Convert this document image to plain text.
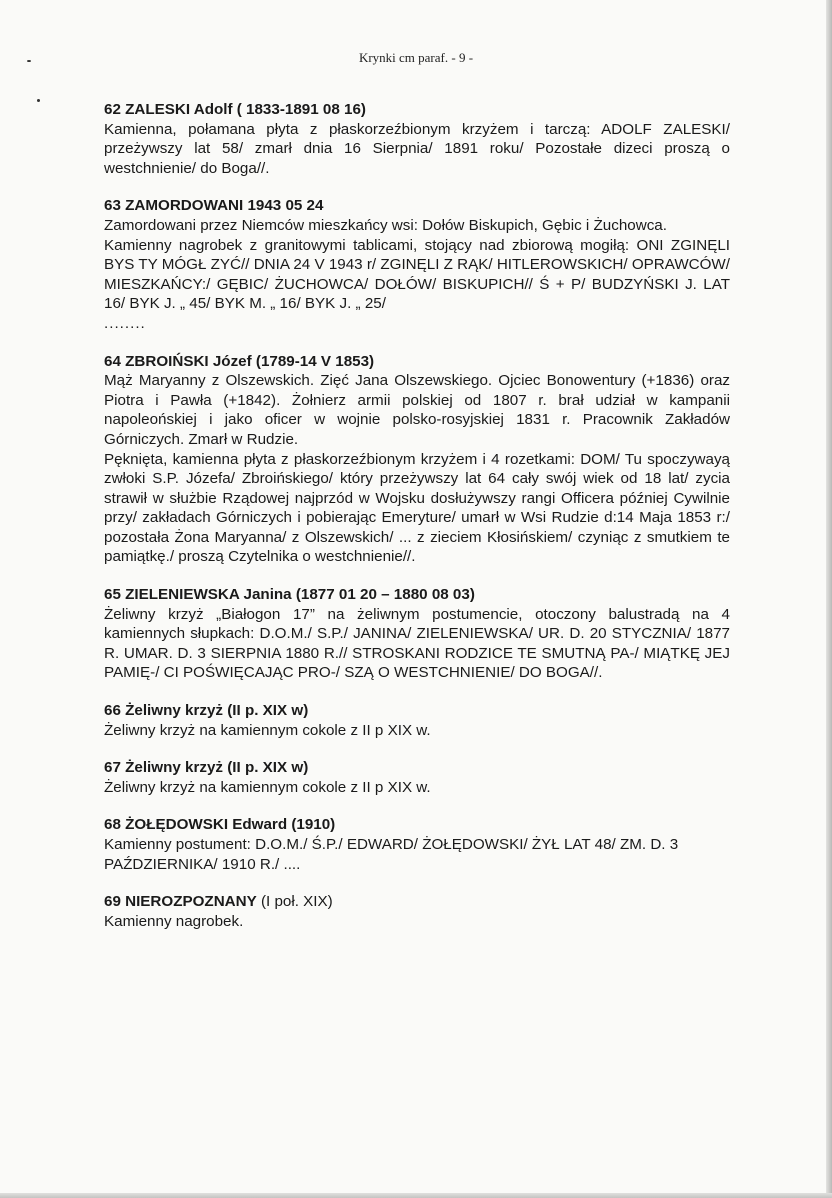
Krynki cm paraf. - 9 -

62 ZALESKI Adolf ( 1833-1891 08 16)

Kamienna, połamana płyta z płaskorzeźbionym krzyżem i tarczą: ADOLF ZALESKI/ przeżywszy lat 58/ zmarł dnia 16 Sierpnia/ 1891 roku/ Pozostałe dizeci proszą o westchnienie/ do Boga//.

63 ZAMORDOWANI 1943 05 24

Zamordowani przez Niemców mieszkańcy wsi: Dołów Biskupich, Gębic i Żuchowca.

Kamienny nagrobek z granitowymi tablicami, stojący nad zbiorową mogiłą: ONI ZGINĘLI BYS TY MÓGŁ ZYĆ// DNIA 24 V 1943 r/ ZGINĘLI Z RĄK/ HITLEROWSKICH/ OPRAWCÓW/ MIESZKAŃCY:/ GĘBIC/ ŻUCHOWCA/ DOŁÓW/ BISKUPICH// Ś + P/ BUDZYŃSKI J. LAT 16/ BYK J. „ 45/ BYK M. „ 16/ BYK J. „ 25/

........

64 ZBROIŃSKI Józef (1789-14 V 1853)

Mąż Maryanny z Olszewskich. Zięć Jana Olszewskiego. Ojciec Bonowentury (+1836) oraz Piotra i Pawła (+1842). Żołnierz armii polskiej od 1807 r. brał udział w kampanii napoleońskiej i jako oficer w wojnie polsko-rosyjskiej 1831 r. Pracownik Zakładów Górniczych. Zmarł w Rudzie.

Pęknięta, kamienna płyta z płaskorzeźbionym krzyżem i 4 rozetkami: DOM/ Tu spoczywayą zwłoki S.P. Józefa/ Zbroińskiego/ który przeżywszy lat 64 cały swój wiek od 18 lat/ zycia strawił w służbie Rządowej najprzód w Wojsku dosłużywszy rangi Officera później Cywilnie przy/ zakładach Górniczych i pobierając Emeryture/ umarł w Wsi Rudzie d:14 Maja 1853 r:/ pozostała Żona Maryanna/ z Olszewskich/ ... z zieciem Kłosińskiem/ czyniąc z smutkiem te pamiątkę./ proszą Czytelnika o westchnienie//.

65 ZIELENIEWSKA Janina (1877 01 20 – 1880 08 03)

Żeliwny krzyż „Białogon 17” na żeliwnym postumencie, otoczony balustradą na 4 kamiennych słupkach: D.O.M./ S.P./ JANINA/ ZIELENIEWSKA/ UR. D. 20 STYCZNIA/ 1877 R. UMAR. D. 3 SIERPNIA 1880 R.// STROSKANI RODZICE TE SMUTNĄ PA-/ MIĄTKĘ JEJ PAMIĘ-/ CI POŚWIĘCAJĄC PRO-/ SZĄ O WESTCHNIENIE/ DO BOGA//.

66 Żeliwny krzyż (II p. XIX w)

Żeliwny krzyż na kamiennym cokole z II p XIX w.

67 Żeliwny krzyż (II p. XIX w)

Żeliwny krzyż na kamiennym cokole z II p XIX w.

68 ŻOŁĘDOWSKI Edward (1910)

Kamienny postument: D.O.M./ Ś.P./ EDWARD/ ŻOŁĘDOWSKI/ ŻYŁ LAT 48/ ZM. D. 3 PAŹDZIERNIKA/ 1910 R./ ....

69 NIEROZPOZNANY (I poł. XIX)

Kamienny nagrobek.
